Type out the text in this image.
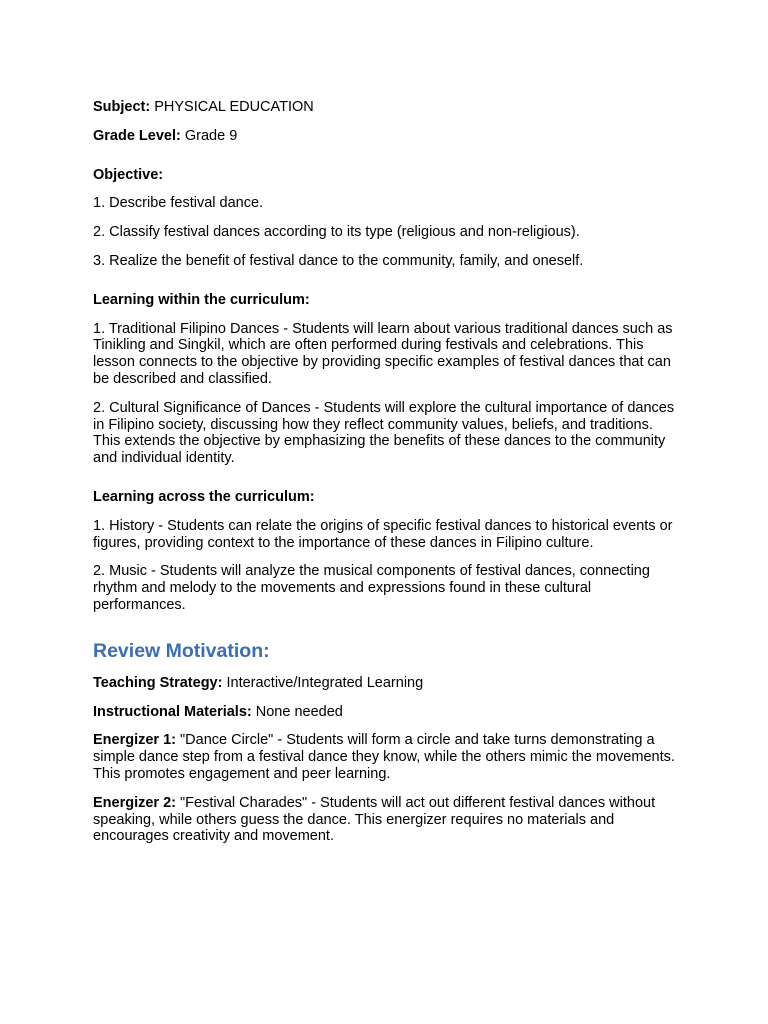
Subject: PHYSICAL EDUCATION

Grade Level: Grade 9

Objective:

1. Describe festival dance.

2. Classify festival dances according to its type (religious and non-religious).

3. Realize the benefit of festival dance to the community, family, and oneself.

Learning within the curriculum:

1. Traditional Filipino Dances - Students will learn about various traditional dances such as Tinikling and Singkil, which are often performed during festivals and celebrations. This lesson connects to the objective by providing specific examples of festival dances that can be described and classified.

2. Cultural Significance of Dances - Students will explore the cultural importance of dances in Filipino society, discussing how they reflect community values, beliefs, and traditions. This extends the objective by emphasizing the benefits of these dances to the community and individual identity.

Learning across the curriculum:

1. History - Students can relate the origins of specific festival dances to historical events or figures, providing context to the importance of these dances in Filipino culture.

2. Music - Students will analyze the musical components of festival dances, connecting rhythm and melody to the movements and expressions found in these cultural performances.

Review Motivation:

Teaching Strategy: Interactive/Integrated Learning

Instructional Materials: None needed

Energizer 1: "Dance Circle" - Students will form a circle and take turns demonstrating a simple dance step from a festival dance they know, while the others mimic the movements. This promotes engagement and peer learning.

Energizer 2: "Festival Charades" - Students will act out different festival dances without speaking, while others guess the dance. This energizer requires no materials and encourages creativity and movement.
